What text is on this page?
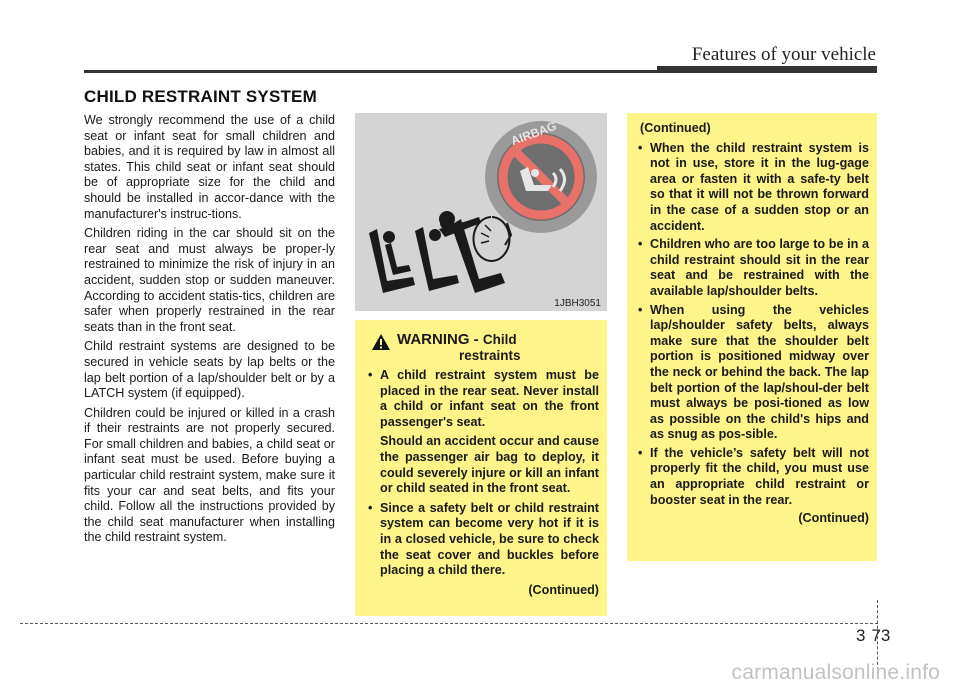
Features of your vehicle
CHILD RESTRAINT SYSTEM

We strongly recommend the use of a child seat or infant seat for small children and babies, and it is required by law in almost all states. This child seat or infant seat should be of appropriate size for the child and should be installed in accor-dance with the manufacturer's instruc-tions.

Children riding in the car should sit on the rear seat and must always be proper-ly restrained to minimize the risk of injury in an accident, sudden stop or sudden maneuver. According to accident statis-tics, children are safer when properly restrained in the rear seats than in the front seat.

Child restraint systems are designed to be secured in vehicle seats by lap belts or the lap belt portion of a lap/shoulder belt or by a LATCH system (if equipped).

Children could be injured or killed in a crash if their restraints are not properly secured. For small children and babies, a child seat or infant seat must be used. Before buying a particular child restraint system, make sure it fits your car and seat belts, and fits your child. Follow all the instructions provided by the child seat manufacturer when installing the child restraint system.

AIRBAG
1JBH3051
WARNING - Child
restraints

• A child restraint system must be placed in the rear seat. Never install a child or infant seat on the front passenger's seat.

Should an accident occur and cause the passenger air bag to deploy, it could severely injure or kill an infant or child seated in the front seat.

• Since a safety belt or child restraint system can become very hot if it is in a closed vehicle, be sure to check the seat cover and buckles before placing a child there.

(Continued)
(Continued)
• When the child restraint system is not in use, store it in the lug-gage area or fasten it with a safe-ty belt so that it will not be thrown forward in the case of a sudden stop or an accident.
• Children who are too large to be in a child restraint should sit in the rear seat and be restrained with the available lap/shoulder belts.
• When using the vehicles lap/shoulder safety belts, always make sure that the shoulder belt portion is positioned midway over the neck or behind the back. The lap belt portion of the lap/shoul-der belt must always be posi-tioned as low as possible on the child's hips and as snug as pos-sible.
• If the vehicle’s safety belt will not properly fit the child, you must use an appropriate child restraint or booster seat in the rear.
(Continued)
3 73
carmanualsonline.info
